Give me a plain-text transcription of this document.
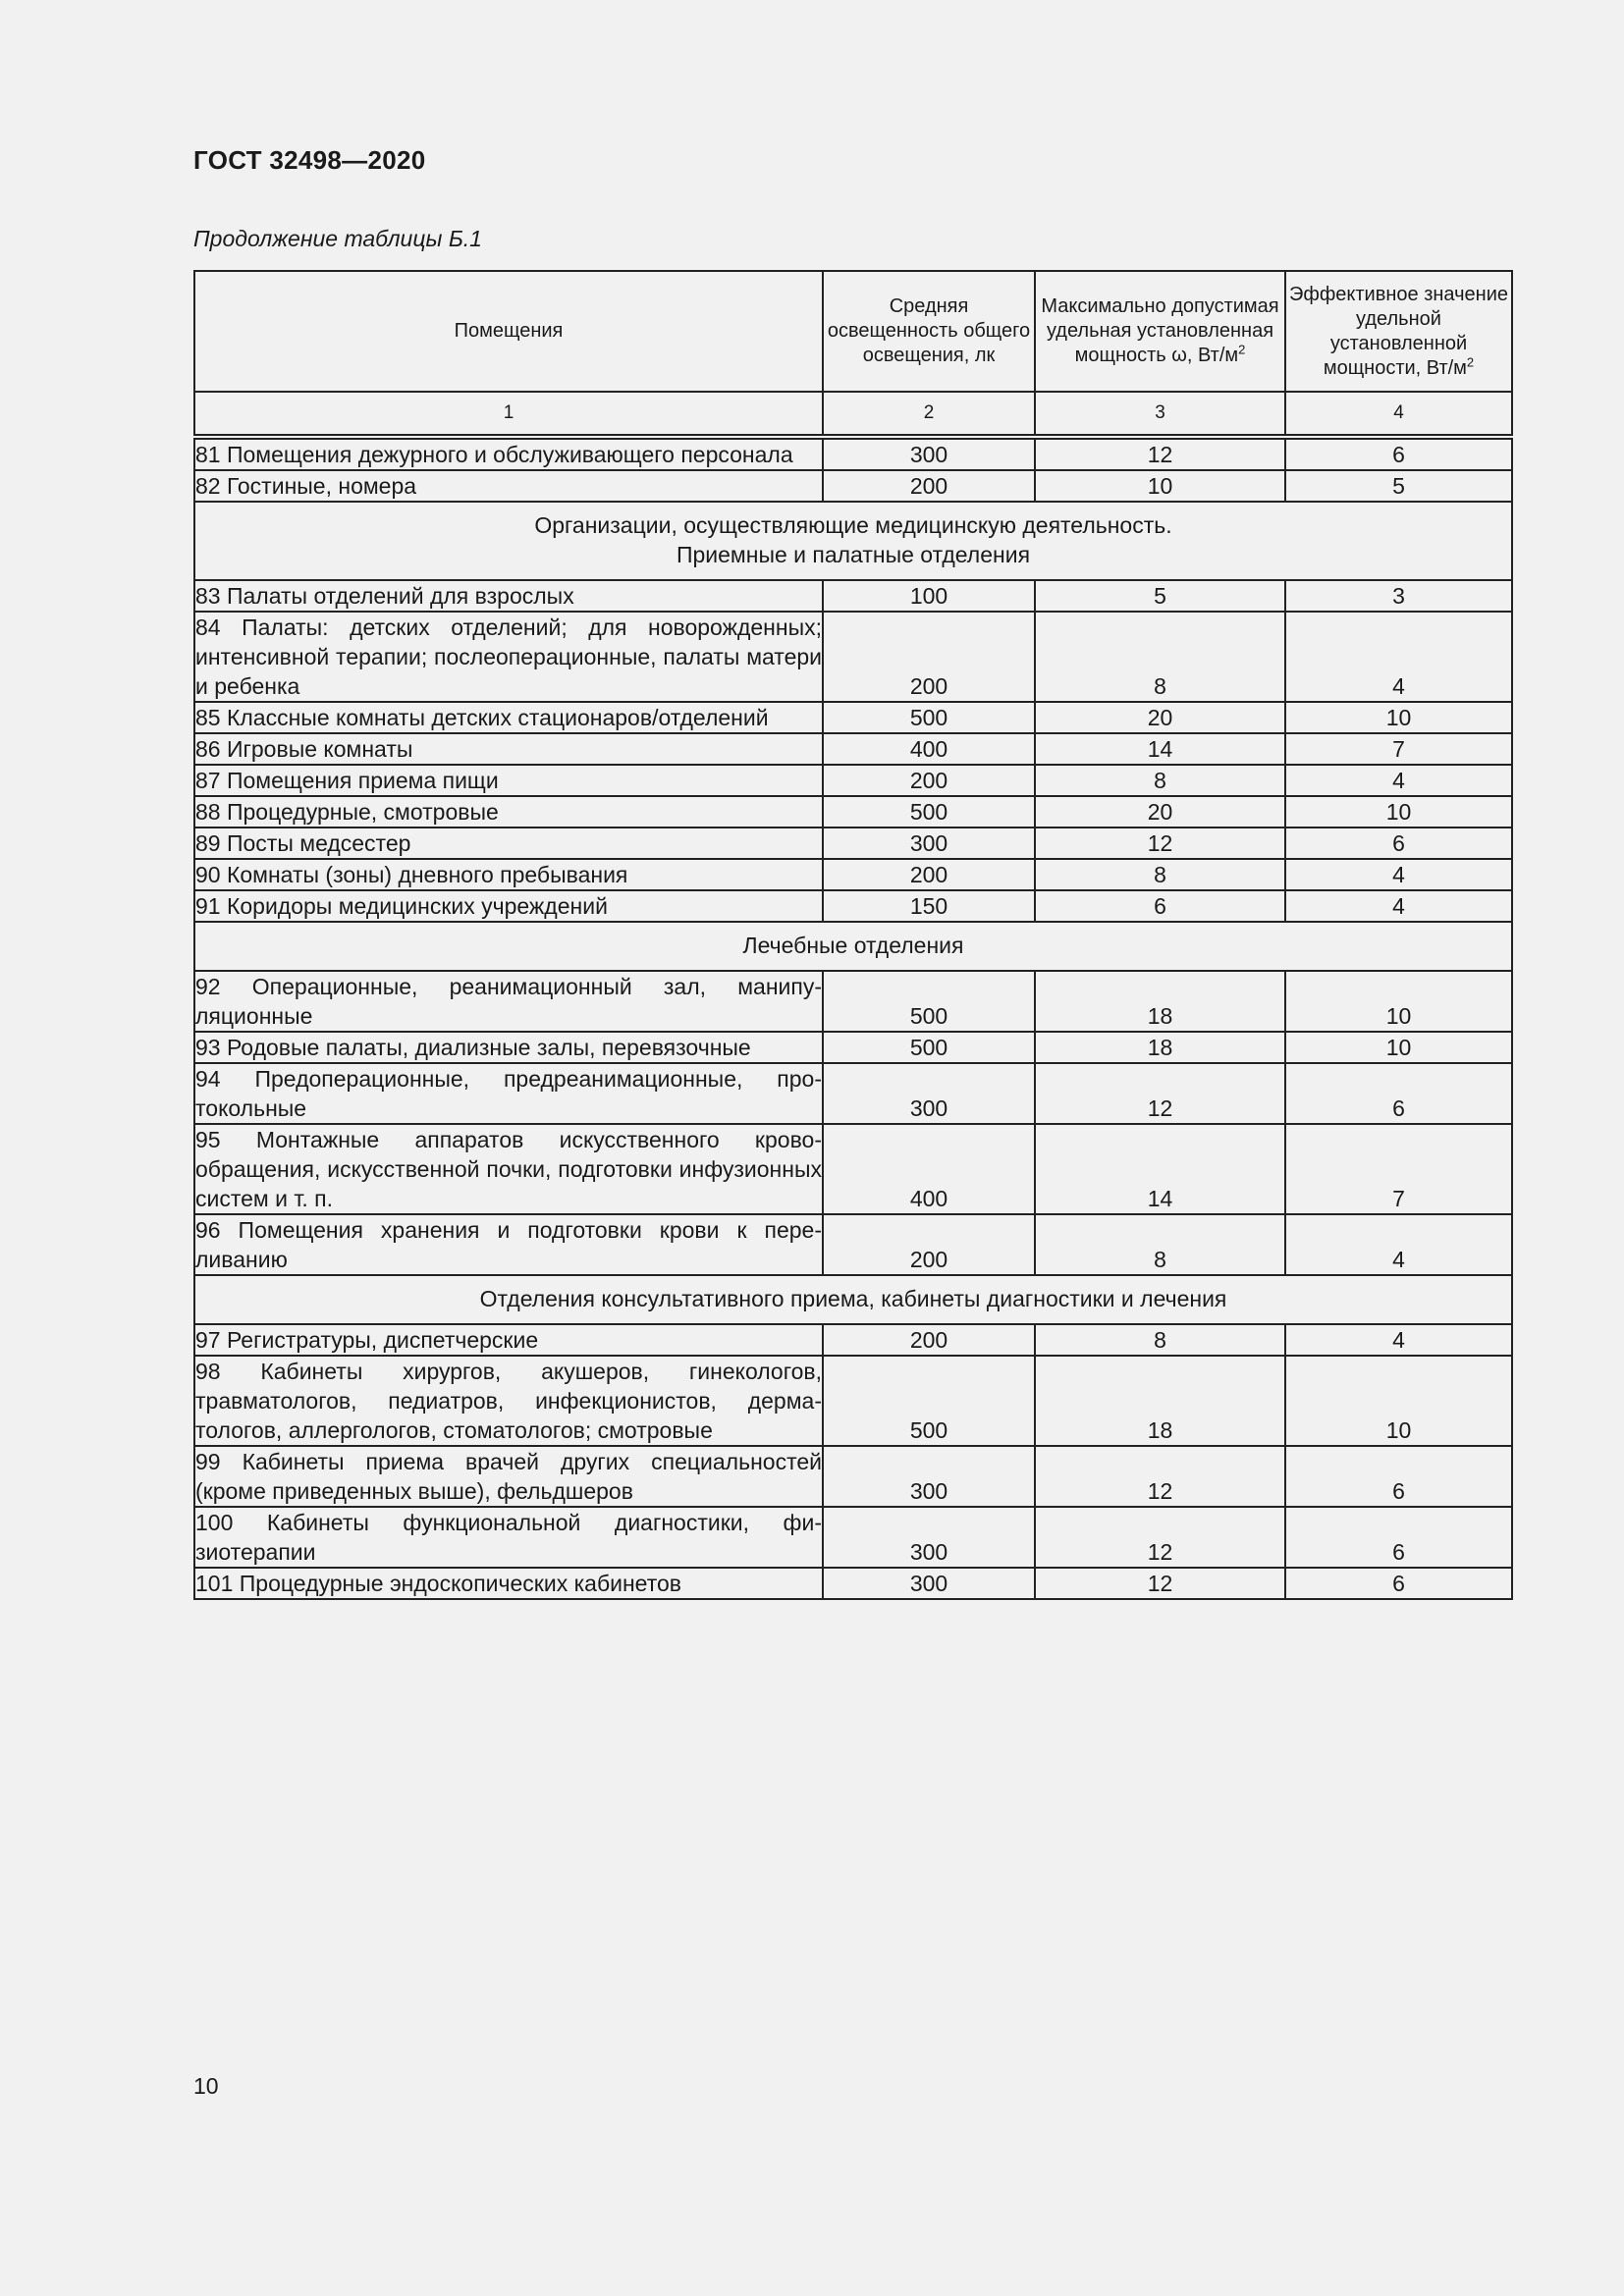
ГОСТ 32498—2020

Продолжение таблицы Б.1

Помещения	Средняя освещенность общего освещения, лк	Максимально допустимая удельная установленная мощность ω, $Вт/м^2$	Эффективное значение удельной установленной мощности, $Вт/м^2$
1	2	3	4
81 Помещения дежурного и обслуживающего персонала	300	12	6
82 Гостиные, номера	200	10	5

Организации, осуществляющие медицинскую деятельность.
Приемные и палатные отделения			

83 Палаты отделений для взрослых	100	5	3
84 Палаты: детских отделений; для новорожденных; интенсивной терапии; послеоперационные, палаты матери и ребенка	200	8	4
85 Классные комнаты детских стационаров/отделений	500	20	10
86 Игровые комнаты	400	14	7
87 Помещения приема пищи	200	8	4
88 Процедурные, смотровые	500	20	10
89 Посты медсестер	300	12	6
90 Комнаты (зоны) дневного пребывания	200	8	4
91 Коридоры медицинских учреждений	150	6	4

Лечебные отделения			

92 Операционные, реанимационный зал, манипуляционные	500	18	10
93 Родовые палаты, диализные залы, перевязочные	500	18	10
94 Предоперационные, предреанимационные, протокольные	300	12	6
95 Монтажные аппаратов искусственного кровообращения, искусственной почки, подготовки инфузионных систем и т. п.	400	14	7
96 Помещения хранения и подготовки крови к переливанию	200	8	4

Отделения консультативного приема, кабинеты диагностики и лечения			

97 Регистратуры, диспетчерские	200	8	4
98 Кабинеты хирургов, акушеров, гинекологов, травматологов, педиатров, инфекционистов, дерматологов, аллергологов, стоматологов; смотровые	500	18	10
99 Кабинеты приема врачей других специальностей (кроме приведенных выше), фельдшеров	300	12	6
100 Кабинеты функциональной диагностики, физиотерапии	300	12	6
101 Процедурные эндоскопических кабинетов	300	12	6

10
